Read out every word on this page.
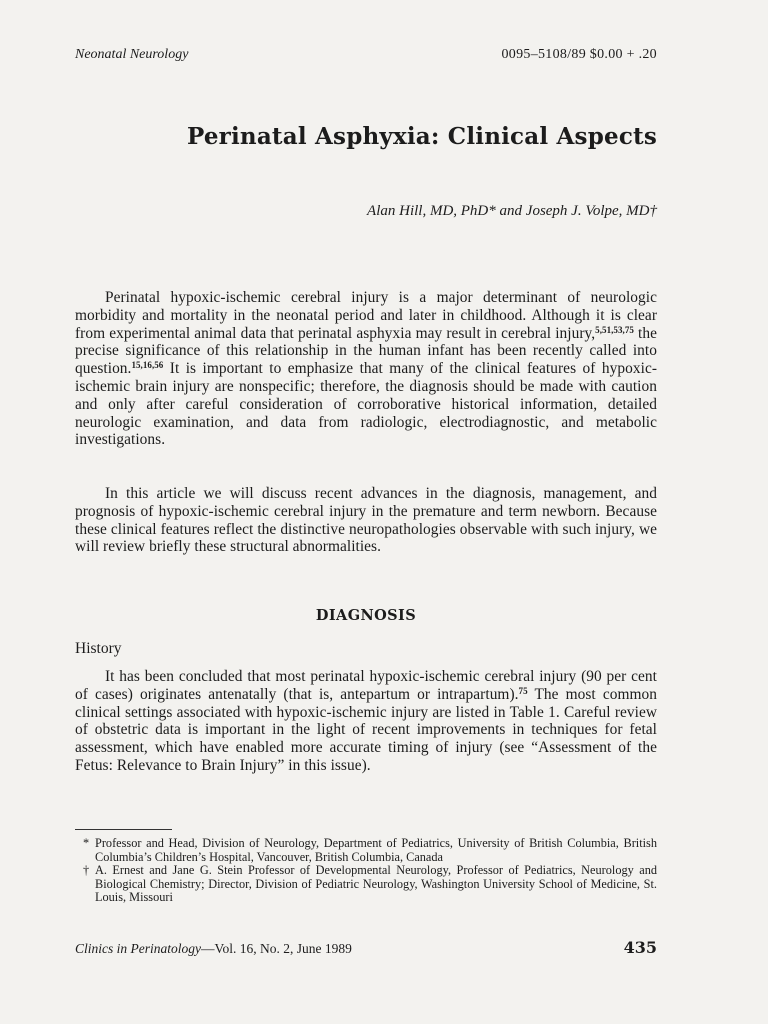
Neonatal Neurology	0095–5108/89 $0.00 + .20
Perinatal Asphyxia: Clinical Aspects
Alan Hill, MD, PhD* and Joseph J. Volpe, MD†

Perinatal hypoxic-ischemic cerebral injury is a major determinant of neurologic morbidity and mortality in the neonatal period and later in childhood. Although it is clear from experimental animal data that perinatal asphyxia may result in cerebral injury,$^{5,51,53,75}$ the precise significance of this relationship in the human infant has been recently called into question.$^{15,16,56}$ It is important to emphasize that many of the clinical features of hypoxic-ischemic brain injury are nonspecific; therefore, the diagnosis should be made with caution and only after careful consideration of corroborative historical information, detailed neurologic examination, and data from radiologic, electrodiagnostic, and metabolic investigations.

In this article we will discuss recent advances in the diagnosis, management, and prognosis of hypoxic-ischemic cerebral injury in the premature and term newborn. Because these clinical features reflect the distinctive neuropathologies observable with such injury, we will review briefly these structural abnormalities.

DIAGNOSIS
History

It has been concluded that most perinatal hypoxic-ischemic cerebral injury (90 per cent of cases) originates antenatally (that is, antepartum or intrapartum).$^{75}$ The most common clinical settings associated with hypoxic-ischemic injury are listed in Table 1. Careful review of obstetric data is important in the light of recent improvements in techniques for fetal assessment, which have enabled more accurate timing of injury (see “Assessment of the Fetus: Relevance to Brain Injury” in this issue).

* Professor and Head, Division of Neurology, Department of Pediatrics, University of British Columbia, British Columbia’s Children’s Hospital, Vancouver, British Columbia, Canada

† A. Ernest and Jane G. Stein Professor of Developmental Neurology, Professor of Pediatrics, Neurology and Biological Chemistry; Director, Division of Pediatric Neurology, Washington University School of Medicine, St. Louis, Missouri

Clinics in Perinatology—Vol. 16, No. 2, June 1989	435
